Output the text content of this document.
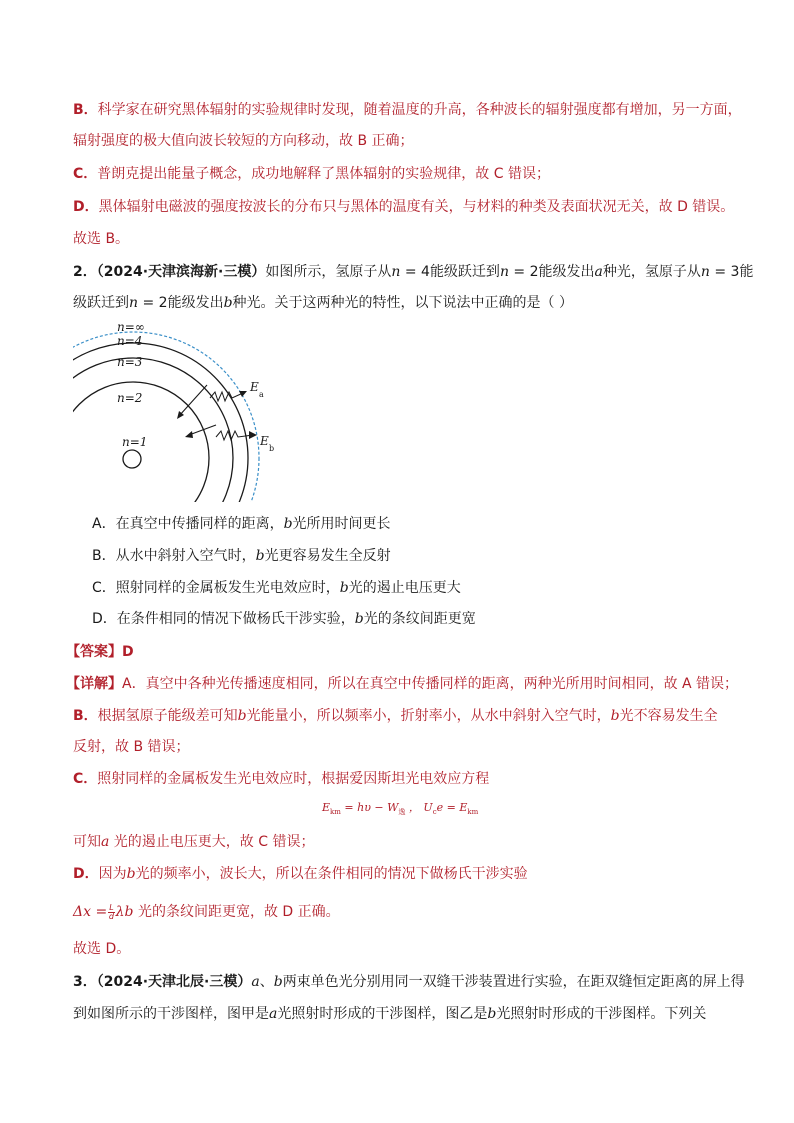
B．科学家在研究黑体辐射的实验规律时发现，随着温度的升高，各种波长的辐射强度都有增加，另一方面，
辐射强度的极大值向波长较短的方向移动，故 B 正确；
C．普朗克提出能量子概念，成功地解释了黑体辐射的实验规律，故 C 错误；
D．黑体辐射电磁波的强度按波长的分布只与黑体的温度有关，与材料的种类及表面状况无关，故 D 错误。
故选 B。
2．（2024·天津滨海新·三模）如图所示，氢原子从n = 4能级跃迁到n = 2能级发出a种光，氢原子从n = 3能
级跃迁到n = 2能级发出b种光。关于这两种光的特性，以下说法中正确的是（ ）
n=∞
n=4
n=3
n=2
n=1
E
a
E
b
A．在真空中传播同样的距离，b光所用时间更长
B．从水中斜射入空气时，b光更容易发生全反射
C．照射同样的金属板发生光电效应时，b光的遏止电压更大
D．在条件相同的情况下做杨氏干涉实验，b光的条纹间距更宽
【答案】D
【详解】A．真空中各种光传播速度相同，所以在真空中传播同样的距离，两种光所用时间相同，故 A 错误；
B．根据氢原子能级差可知b光能量小，所以频率小，折射率小，从水中斜射入空气时，b光不容易发生全
反射，故 B 错误；
C．照射同样的金属板发生光电效应时，根据爱因斯坦光电效应方程
$E_{km} = h\upsilon - W_逸$ ， $U_ce = E_{km}$
可知a 光的遏止电压更大，故 C 错误；
D．因为b光的频率小，波长大，所以在条件相同的情况下做杨氏干涉实验
$\Delta x = \frac{L}{d}$ λb 光的条纹间距更宽，故 D 正确。
故选 D。
3．（2024·天津北辰·三模）a、b两束单色光分别用同一双缝干涉装置进行实验，在距双缝恒定距离的屏上得
到如图所示的干涉图样，图甲是a光照射时形成的干涉图样，图乙是b光照射时形成的干涉图样。下列关
